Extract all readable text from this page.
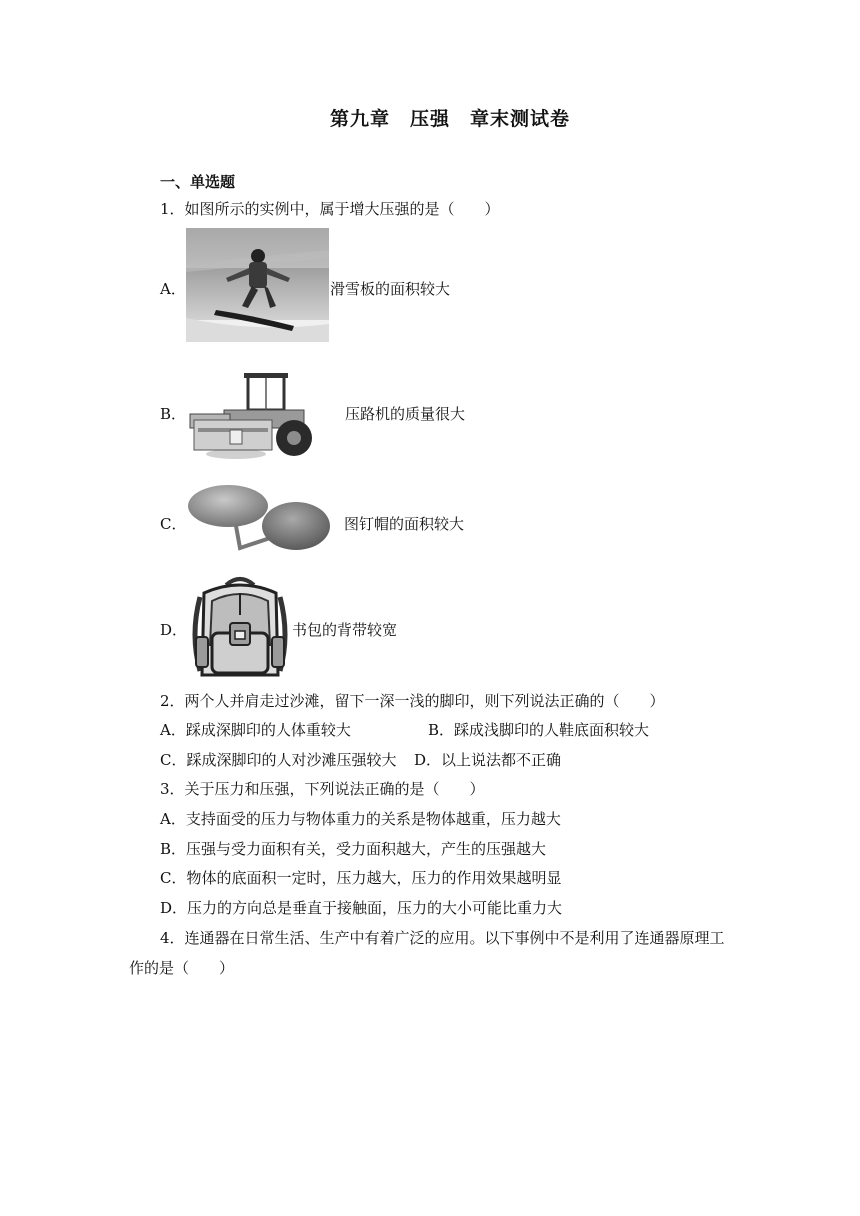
第九章　压强　章末测试卷
一、单选题
1．如图所示的实例中，属于增大压强的是（　　）
A．	滑雪板的面积较大
B．	压路机的质量很大
C．	图钉帽的面积较大
D．	书包的背带较宽
2．两个人并肩走过沙滩，留下一深一浅的脚印，则下列说法正确的（　　）
A．踩成深脚印的人体重较大	B．踩成浅脚印的人鞋底面积较大
C．踩成深脚印的人对沙滩压强较大 D．以上说法都不正确
3．关于压力和压强，下列说法正确的是（　　）
A．支持面受的压力与物体重力的关系是物体越重，压力越大
B．压强与受力面积有关，受力面积越大，产生的压强越大
C．物体的底面积一定时，压力越大，压力的作用效果越明显
D．压力的方向总是垂直于接触面，压力的大小可能比重力大
4．连通器在日常生活、生产中有着广泛的应用。以下事例中不是利用了连通器原理工
作的是（　　）
